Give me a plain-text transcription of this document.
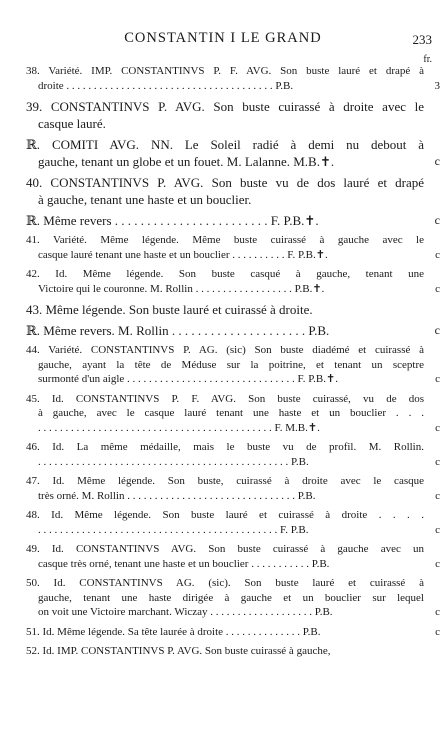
CONSTANTIN I LE GRAND	233
fr.
38. Variété. IMP. CONSTANTINVS P. F. AVG. Son buste lauré et drapé à
droite . . . . . . . . . . . . . . . . . . . . . . . . . . . . . . . . . . . . . . P.B.	3
39. CONSTANTINVS P. AVG. Son buste cuirassé à droite avec le
casque lauré.
ℝ. COMITI AVG. NN. Le Soleil radié à demi nu debout à
gauche, tenant un globe et un fouet. M. Lalanne. M.B.✝.	c
40. CONSTANTINVS P. AVG. Son buste vu de dos lauré et drapé
à gauche, tenant une haste et un bouclier.
ℝ. Même revers . . . . . . . . . . . . . . . . . . . . . . . . F. P.B.✝.	c
41. Variété. Même légende. Même buste cuirassé à gauche avec le
casque lauré tenant une haste et un bouclier . . . . . . . . . . F. P.B.✝.	c
42. Id. Même légende. Son buste casqué à gauche, tenant une
Victoire qui le couronne. M. Rollin . . . . . . . . . . . . . . . . . . P.B.✝.	c
43. Même légende. Son buste lauré et cuirassé à droite.
ℝ. Même revers. M. Rollin . . . . . . . . . . . . . . . . . . . . . P.B.	c
44. Variété. CONSTANTINVS P. AG. (sic) Son buste diadémé et cuirassé à
gauche, ayant la tête de Méduse sur la poitrine, et tenant un sceptre
surmonté d'un aigle . . . . . . . . . . . . . . . . . . . . . . . . . . . . . . . F. P.B.✝.	c
45. Id. CONSTANTINVS P. F. AVG. Son buste cuirassé, vu de dos
à gauche, avec le casque lauré tenant une haste et un bouclier . . .
. . . . . . . . . . . . . . . . . . . . . . . . . . . . . . . . . . . . . . . . . . . F. M.B.✝.	c
46. Id. La même médaille, mais le buste vu de profil. M. Rollin.
. . . . . . . . . . . . . . . . . . . . . . . . . . . . . . . . . . . . . . . . . . . . . . P.B.	c
47. Id. Même légende. Son buste, cuirassé à droite avec le casque
très orné. M. Rollin . . . . . . . . . . . . . . . . . . . . . . . . . . . . . . . P.B.	c
48. Id. Même légende. Son buste lauré et cuirassé à droite . . . .
. . . . . . . . . . . . . . . . . . . . . . . . . . . . . . . . . . . . . . . . . . . . F. P.B.	c
49. Id. CONSTANTINVS AVG. Son buste cuirassé à gauche avec un
casque très orné, tenant une haste et un bouclier . . . . . . . . . . . P.B.	c
50. Id. CONSTANTINVS AG. (sic). Son buste lauré et cuirassé à
gauche, tenant une haste dirigée à gauche et un bouclier sur lequel
on voit une Victoire marchant. Wiczay . . . . . . . . . . . . . . . . . . . P.B.	c
51. Id. Même légende. Sa tête laurée à droite . . . . . . . . . . . . . . P.B.	c
52. Id. IMP. CONSTANTINVS P. AVG. Son buste cuirassé à gauche,
